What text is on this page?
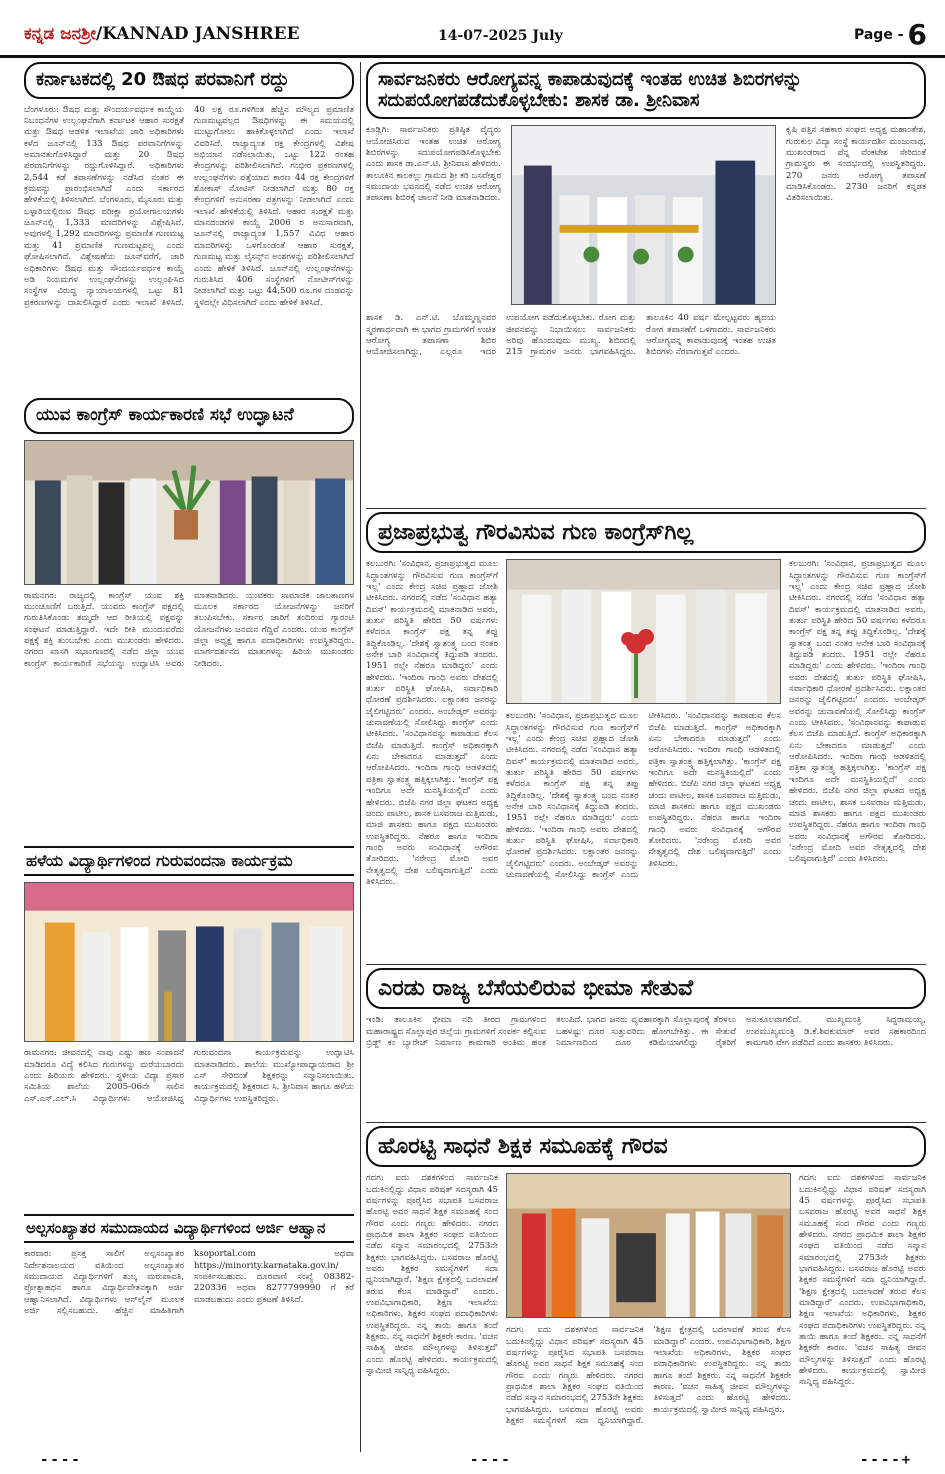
ಕನ್ನಡ ಜನಶ್ರೀ/KANNAD JANSHREE	14-07-2025 July	Page - 6
ಕರ್ನಾಟಕದಲ್ಲಿ 20 ಔಷಧ ಪರವಾನಿಗೆ ರದ್ದು
ಬೆಂಗಳೂರು: ಔಷಧ ಮತ್ತು ಸೌಂದರ್ಯವರ್ಧಕ ಕಾಯ್ದೆಯ ನಿಬಂಧನೆಗಳ ಉಲ್ಲಂಘನೆಗಾಗಿ ಕರ್ನಾಟಕ ಆಹಾರ ಸುರಕ್ಷತೆ ಮತ್ತು ಔಷಧ ಆಡಳಿತ ಇಲಾಖೆಯ ಜಾರಿ ಅಧಿಕಾರಿಗಳು ಕಳೆದ ಜೂನ್‌ನಲ್ಲಿ 133 ಔಷಧ ಪರವಾನಿಗೆಗಳನ್ನು ಅಮಾನತುಗೊಳಿಸಿದ್ದಾರೆ ಮತ್ತು 20 ಔಷಧ ಪರವಾನಿಗೆಗಳನ್ನು ರದ್ದುಗೊಳಿಸಿದ್ದಾರೆ. ಅಧಿಕಾರಿಗಳು 2,544 ಕಡೆ ತಪಾಸಣೆಗಳನ್ನು ನಡೆಸಿದ ನಂತರ ಈ ಕ್ರಮವನ್ನು ಪ್ರಾರಂಭಿಸಲಾಗಿದೆ ಎಂದು ಸರ್ಕಾರದ ಹೇಳಿಕೆಯಲ್ಲಿ ತಿಳಿಸಲಾಗಿದೆ. ಬೆಂಗಳೂರು, ಮೈಸೂರು ಮತ್ತು ಬಳ್ಳಾರಿಯಲ್ಲಿರುವ ಔಷಧ ಪರೀಕ್ಷಾ ಪ್ರಯೋಗಾಲಯಗಳು ಜೂನ್‌ನಲ್ಲಿ 1,333 ಮಾದರಿಗಳನ್ನು ವಿಶ್ಲೇಷಿಸಿವೆ. ಅವುಗಳಲ್ಲಿ 1,292 ಮಾದರಿಗಳನ್ನು ಪ್ರಮಾಣಿತ ಗುಣಮಟ್ಟ ಮತ್ತು 41 ಪ್ರಮಾಣಿತ ಗುಣಮಟ್ಟವಲ್ಲ ಎಂದು ಘೋಷಿಸಲಾಗಿದೆ. ವಿಶ್ಲೇಷಣೆಯ ಜೂನ್‌ವರೆಗೆ, ಜಾರಿ ಅಧಿಕಾರಿಗಳು ಔಷಧ ಮತ್ತು ಸೌಂದರ್ಯವರ್ಧಕ ಕಾಯ್ದೆ ಅಡಿ ನಿಯಮಗಳ ಉಲ್ಲಂಘನೆಗಳನ್ನು ಉಲ್ಲಂಘಿಸಿದ ಸಂಸ್ಥೆಗಳ ವಿರುದ್ಧ ನ್ಯಾಯಾಲಯಗಳಲ್ಲಿ ಒಟ್ಟು 81 ಪ್ರಕರಣಗಳನ್ನು ದಾಖಲಿಸಿದ್ದಾರೆ ಎಂದು ಇಲಾಖೆ ತಿಳಿಸಿದೆ. 40 ಲಕ್ಷ ರೂ.ಗಳಿಗಿಂತ ಹೆಚ್ಚಿನ ಮೌಲ್ಯದ ಪ್ರಮಾಣಿತ ಗುಣಮಟ್ಟವಲ್ಲದ ಔಷಧಿಗಳನ್ನು ಈ ಸಮಯದಲ್ಲಿ ಮುಟ್ಟುಗೋಲು ಹಾಕಿಕೊಳ್ಳಲಾಗಿದೆ ಎಂದು ಇಲಾಖೆ ವಿವರಿಸಿದೆ. ರಾಜ್ಯಾದ್ಯಂತ ರಕ್ತ ಕೇಂದ್ರಗಳಲ್ಲಿ ವಿಶೇಷ ಅಭಿಯಾನ ನಡೆಸಲಾಯಿತು, ಒಟ್ಟು 122 ರಂತಹ ಕೇಂದ್ರಗಳನ್ನು ಪರಿಶೀಲಿಸಲಾಗಿದೆ. ಗಂಭೀರ ಪ್ರಕರಣಗಳಲ್ಲಿ ಉಲ್ಲಂಘನೆಗಳು ಪತ್ತೆಯಾದ ಕಾರಣ 44 ರಕ್ತ ಕೇಂದ್ರಗಳಿಗೆ ಶೋಕಾಸ್ ನೋಟಿಸ್ ನೀಡಲಾಗಿದೆ ಮತ್ತು 80 ರಕ್ತ ಕೇಂದ್ರಗಳಿಗೆ ಅನುಸರಣಾ ಪತ್ರಗಳನ್ನು ನೀಡಲಾಗಿದೆ ಎಂದು ಇಲಾಖೆ ಹೇಳಿಕೆಯಲ್ಲಿ ತಿಳಿಸಿದೆ. ಆಹಾರ ಸುರಕ್ಷತೆ ಮತ್ತು ಮಾನದಂಡಗಳ ಕಾಯ್ದೆ 2006 ರ ಅನುಸಾರವಾಗಿ, ಜೂನ್‌ನಲ್ಲಿ ರಾಜ್ಯಾದ್ಯಂತ 1,557 ವಿವಿಧ ಆಹಾರ ಮಾದರಿಗಳನ್ನು ಒಳಗೊಂಡಂತೆ ಆಹಾರ ಸುರಕ್ಷತೆ, ಗುಣಮಟ್ಟ ಮತ್ತು ಲೈಸನ್ಸ್‌ನ ಅಂಶಗಳನ್ನು ಪರಿಶೀಲಿಸಲಾಗಿದೆ ಎಂದು ಹೇಳಿಕೆ ತಿಳಿಸಿದೆ. ಜೂನ್‌ನಲ್ಲಿ ಉಲ್ಲಂಘನೆಗಳನ್ನು ಗುರುತಿಸಿದ 406 ಸಂಸ್ಥೆಗಳಿಗೆ ನೋಟೀಸ್‌ಗಳನ್ನು ನೀಡಲಾಗಿದೆ ಮತ್ತು ಒಟ್ಟು 44,500 ರೂ.ಗಳ ದಂಡವನ್ನು ಸ್ಥಳದಲ್ಲೇ ವಿಧಿಸಲಾಗಿದೆ ಎಂದು ಹೇಳಿಕೆ ತಿಳಿಸಿದೆ.
ಯುವ ಕಾಂಗ್ರೆಸ್ ಕಾರ್ಯಕಾರಣಿ ಸಭೆ ಉದ್ಘಾಟನೆ
ರಾಮನಗರ: ರಾಜ್ಯದಲ್ಲಿ ಕಾಂಗ್ರೆಸ್ ಯುವ ಶಕ್ತಿ ಮುಂಚೂಣಿಗೆ ಬರುತ್ತಿದೆ. ಯುವರು ಕಾಂಗ್ರೆಸ್ ಪಕ್ಷದಲ್ಲಿ ಗುರುತಿಸಿಕೊಂಡು ತಮ್ಮದೇ ಆದ ರೀತಿಯಲ್ಲಿ ಪಕ್ಷವನ್ನು ಸಂಘಟನೆ ಮಾಡುತ್ತಿದ್ದಾರೆ. ಇದೇ ರೀತಿ ಮುಂದುವರೆದು ಪಕ್ಷಕ್ಕೆ ಶಕ್ತಿ ತುಂಬಬೇಕು ಎಂದು ಮುಖಂಡರು ಹೇಳಿದರು. ನಗರದ ಖಾಸಗಿ ಸಭಾಂಗಣದಲ್ಲಿ ನಡೆದ ಜಿಲ್ಲಾ ಯುವ ಕಾಂಗ್ರೆಸ್ ಕಾರ್ಯಕಾರಿಣಿ ಸಭೆಯನ್ನು ಉದ್ಘಾಟಿಸಿ ಅವರು ಮಾತನಾಡಿದರು. ಯುವಕರು ಸಾಮಾಜಿಕ ಜಾಲತಾಣಗಳ ಮೂಲಕ ಸರ್ಕಾರದ ಯೋಜನೆಗಳನ್ನು ಜನರಿಗೆ ತಲುಪಿಸಬೇಕು. ಸರ್ಕಾರ ಜಾರಿಗೆ ತಂದಿರುವ ಗ್ಯಾರಂಟಿ ಯೋಜನೆಗಳು ಜನಮನ ಗೆದ್ದಿವೆ ಎಂದರು. ಯುವ ಕಾಂಗ್ರೆಸ್ ಜಿಲ್ಲಾ ಅಧ್ಯಕ್ಷ ಹಾಗೂ ಪದಾಧಿಕಾರಿಗಳು ಉಪಸ್ಥಿತರಿದ್ದರು. ಮಾರ್ಗದರ್ಶನದ ಮಾತುಗಳನ್ನು ಹಿರಿಯ ಮುಖಂಡರು ನೀಡಿದರು.
ಹಳೆಯ ವಿದ್ಯಾರ್ಥಿಗಳಿಂದ ಗುರುವಂದನಾ ಕಾರ್ಯಕ್ರಮ
ರಾಮನಗರ: ಜೀವನದಲ್ಲಿ ನಾವು ಎಷ್ಟು ಹಣ ಸಂಪಾದನೆ ಮಾಡಿದರೂ ವಿದ್ಯೆ ಕಲಿಸಿದ ಗುರುಗಳನ್ನು ಮರೆಯಬಾರದು ಎಂದು ಹಿರಿಯರು ಹೇಳಿದರು. ಸ್ಥಳೀಯ ವಿದ್ಯಾ ಪ್ರಸಾರ ಸಮಿತಿಯ ಶಾಲೆಯ 2005-06ನೇ ಸಾಲಿನ ಎಸ್.ಎಸ್.ಎಲ್.ಸಿ ವಿದ್ಯಾರ್ಥಿಗಳು ಆಯೋಜಿಸಿದ್ದ ಗುರುವಂದನಾ ಕಾರ್ಯಕ್ರಮವನ್ನು ಉದ್ಘಾಟಿಸಿ ಮಾತನಾಡಿದರು. ಶಾಲೆಯ ಮುಖ್ಯೋಪಾಧ್ಯಾಯರಾದ ಶ್ರೀ ಎಸ್ ಸೇರಿದಂತೆ ಶಿಕ್ಷಕರನ್ನು ಸನ್ಮಾನಿಸಲಾಯಿತು. ಕಾರ್ಯಕ್ರಮದಲ್ಲಿ ಶಿಕ್ಷಕರಾದ ಸಿ. ಶ್ರೀನಿವಾಸ ಹಾಗೂ ಹಳೆಯ ವಿದ್ಯಾರ್ಥಿಗಳು ಉಪಸ್ಥಿತರಿದ್ದರು.
ಅಲ್ಪಸಂಖ್ಯಾತರ ಸಮುದಾಯದ ವಿದ್ಯಾರ್ಥಿಗಳಿಂದ ಅರ್ಜಿ ಆಹ್ವಾನ
ಕಾರವಾರ: ಪ್ರಸಕ್ತ ಸಾಲಿಗೆ ಅಲ್ಪಸಂಖ್ಯಾತರ ನಿರ್ದೇಶನಾಲಯದ ವತಿಯಿಂದ ಅಲ್ಪಸಂಖ್ಯಾತರ ಸಮುದಾಯದ ವಿದ್ಯಾರ್ಥಿಗಳಿಗೆ ಶುಲ್ಕ ಮರುಪಾವತಿ, ಪ್ರೋತ್ಸಾಹಧನ ಹಾಗೂ ವಿದ್ಯಾರ್ಥಿವೇತನಕ್ಕಾಗಿ ಅರ್ಜಿ ಆಹ್ವಾನಿಸಲಾಗಿದೆ. ವಿದ್ಯಾರ್ಥಿಗಳು ಆನ್‌ಲೈನ್ ಮೂಲಕ ಅರ್ಜಿ ಸಲ್ಲಿಸಬಹುದು. ಹೆಚ್ಚಿನ ಮಾಹಿತಿಗಾಗಿ ksoportal.com ಅಥವಾ https://minority.karnataka.gov.in/ ಸಂಪರ್ಕಿಸಬಹುದು. ದೂರವಾಣಿ ಸಂಖ್ಯೆ 08382-220336 ಅಥವಾ 8277799990 ಗೆ ಕರೆ ಮಾಡಬಹುದು ಎಂದು ಪ್ರಕಟಣೆ ತಿಳಿಸಿದೆ.
ಸಾರ್ವಜನಿಕರು ಆರೋಗ್ಯವನ್ನ ಕಾಪಾಡುವುದಕ್ಕೆ ಇಂತಹ ಉಚಿತ ಶಿಬಿರಗಳನ್ನು ಸದುಪಯೋಗಪಡೆದುಕೊಳ್ಳಬೇಕು: ಶಾಸಕ ಡಾ. ಶ್ರೀನಿವಾಸ
ಕೂಡ್ಲಿಗಿ: ಸಾರ್ವಜನಿಕರು ಪ್ರತಿಷ್ಠಿತ ವೈದ್ಯರು ಆಯೋಜಿಸಿರುವ ಇಂತಹ ಉಚಿತ ಆರೋಗ್ಯ ಶಿಬಿರಗಳನ್ನು ಸದುಪಯೋಗಪಡಿಸಿಕೊಳ್ಳಬೇಕು ಎಂದು ಶಾಸಕ ಡಾ.ಎನ್.ಟಿ. ಶ್ರೀನಿವಾಸ ಹೇಳಿದರು. ತಾಲೂಕಿನ ಕಾಲಕಲ್ಲು ಗ್ರಾಮದ ಶ್ರೀ ಕರಿ ಬಸವೇಶ್ವರ ಸಮುದಾಯ ಭವನದಲ್ಲಿ ನಡೆದ ಉಚಿತ ಆರೋಗ್ಯ ತಪಾಸಣಾ ಶಿಬಿರಕ್ಕೆ ಚಾಲನೆ ನೀಡಿ ಮಾತನಾಡಿದರು.
ಕೃಷಿ ಪತ್ತಿನ ಸಹಕಾರ ಸಂಘದ ಅಧ್ಯಕ್ಷ ಮಹಾಂತೇಶ, ಗುರುಕುಲ ವಿದ್ಯಾ ಸಂಸ್ಥೆ ಕಾರ್ಯದರ್ಶಿ ಮಂಜುನಾಥ, ಮುಖಂಡರಾದ ಪೆನ್ನ ವೆಂಕಟೇಶ ಸೇರಿದಂತೆ ಗ್ರಾಮಸ್ಥರು ಈ ಸಂದರ್ಭದಲ್ಲಿ ಉಪಸ್ಥಿತರಿದ್ದರು. 270 ಜನರು ಆರೋಗ್ಯ ತಪಾಸಣೆ ಮಾಡಿಸಿಕೊಂಡರು. 2730 ಜನರಿಗೆ ಕನ್ನಡಕ ವಿತರಿಸಲಾಯಿತು.
ಶಾಸಕ ಡಿ. ಎನ್.ಟಿ. ಬೊಮ್ಮಣ್ಣನವರ ಸ್ಮರಣಾರ್ಥವಾಗಿ ಈ ಭಾಗದ ಗ್ರಾಮಗಳಿಗೆ ಉಚಿತ ಆರೋಗ್ಯ ತಪಾಸಣಾ ಶಿಬಿರ ಆಯೋಜಿಸಲಾಗಿದ್ದು, ಎಲ್ಲರೂ ಇದರ ಉಪಯೋಗ ಪಡೆದುಕೊಳ್ಳಬೇಕು. ರೋಗ ಮತ್ತು ಜೀವನವನ್ನು ನಿಭಾಯಿಸಲು ಸಾರ್ವಜನಿಕರು ಅರಿವು ಹೊಂದುವುದು ಮುಖ್ಯ. ಶಿಬಿರದಲ್ಲಿ 215 ಗ್ರಾಮಗಳ ಜನರು ಭಾಗವಹಿಸಿದ್ದರು. ತಾಲೂಕಿನ 40 ವರ್ಷ ಮೇಲ್ಪಟ್ಟವರು ಹೃದಯ ರೋಗ ತಪಾಸಣೆಗೆ ಒಳಗಾದರು. ಸಾರ್ವಜನಿಕರು ಆರೋಗ್ಯವನ್ನ ಕಾಪಾಡುವುದಕ್ಕೆ ಇಂತಹ ಉಚಿತ ಶಿಬಿರಗಳು ನೆರವಾಗುತ್ತವೆ ಎಂದರು.
ಪ್ರಜಾಪ್ರಭುತ್ವ ಗೌರವಿಸುವ ಗುಣ ಕಾಂಗ್ರೆಸ್‌ಗಿಲ್ಲ
ಕಲಬುರಗಿ: 'ಸಂವಿಧಾನ, ಪ್ರಜಾಪ್ರಭುತ್ವದ ಮೂಲ ಸಿದ್ಧಾಂತಗಳನ್ನು ಗೌರವಿಸುವ ಗುಣ ಕಾಂಗ್ರೆಸ್‌ಗೆ ಇಲ್ಲ' ಎಂದು ಕೇಂದ್ರ ಸಚಿವ ಪ್ರಹ್ಲಾದ ಜೋಶಿ ಟೀಕಿಸಿದರು. ನಗರದಲ್ಲಿ ನಡೆದ 'ಸಂವಿಧಾನ ಹತ್ಯಾ ದಿವಸ್' ಕಾರ್ಯಕ್ರಮದಲ್ಲಿ ಮಾತನಾಡಿದ ಅವರು, ತುರ್ತು ಪರಿಸ್ಥಿತಿ ಹೇರಿದ 50 ವರ್ಷಗಳು ಕಳೆದರೂ ಕಾಂಗ್ರೆಸ್ ಪಕ್ಷ ತನ್ನ ತಪ್ಪು ತಿದ್ದಿಕೊಂಡಿಲ್ಲ. 'ದೇಶಕ್ಕೆ ಸ್ವಾತಂತ್ರ್ಯ ಬಂದ ನಂತರ ಅನೇಕ ಬಾರಿ ಸಂವಿಧಾನಕ್ಕೆ ತಿದ್ದುಪಡಿ ತಂದರು. 1951 ರಲ್ಲೇ ನೆಹರೂ ಮಾಡಿದ್ದರು' ಎಂದು ಹೇಳಿದರು. 'ಇಂದಿರಾ ಗಾಂಧಿ ಅವರು ದೇಶದಲ್ಲಿ ತುರ್ತು ಪರಿಸ್ಥಿತಿ ಘೋಷಿಸಿ, ಸರ್ವಾಧಿಕಾರಿ ಧೋರಣೆ ಪ್ರದರ್ಶಿಸಿದರು. ಲಕ್ಷಾಂತರ ಜನರನ್ನು ಜೈಲಿಗಟ್ಟಿದರು' ಎಂದರು. ಅಂಬೇಡ್ಕರ್ ಅವರನ್ನು ಚುನಾವಣೆಯಲ್ಲಿ ಸೋಲಿಸಿದ್ದು ಕಾಂಗ್ರೆಸ್ ಎಂದು ಟೀಕಿಸಿದರು. 'ಸಂವಿಧಾನವನ್ನು ಕಾಪಾಡುವ ಕೆಲಸ ಬಿಜೆಪಿ ಮಾಡುತ್ತಿದೆ. ಕಾಂಗ್ರೆಸ್ ಅಧಿಕಾರಕ್ಕಾಗಿ ಏನು ಬೇಕಾದರೂ ಮಾಡುತ್ತದೆ' ಎಂದು ಆರೋಪಿಸಿದರು. ಇಂದಿರಾ ಗಾಂಧಿ ಆಡಳಿತದಲ್ಲಿ ಪತ್ರಿಕಾ ಸ್ವಾತಂತ್ರ್ಯ ಹತ್ತಿಕ್ಕಲಾಗಿತ್ತು. 'ಕಾಂಗ್ರೆಸ್ ಪಕ್ಷ ಇಂದಿಗೂ ಅದೇ ಮನಸ್ಥಿತಿಯಲ್ಲಿದೆ' ಎಂದು ಹೇಳಿದರು. ಬಿಜೆಪಿ ನಗರ ಜಿಲ್ಲಾ ಘಟಕದ ಅಧ್ಯಕ್ಷ ಚಂದು ಪಾಟೀಲ, ಶಾಸಕ ಬಸವರಾಜ ಮತ್ತಿಮಡು, ಮಾಜಿ ಶಾಸಕರು ಹಾಗೂ ಪಕ್ಷದ ಮುಖಂಡರು ಉಪಸ್ಥಿತರಿದ್ದರು. ನೆಹರೂ ಹಾಗೂ ಇಂದಿರಾ ಗಾಂಧಿ ಅವರು ಸಂವಿಧಾನಕ್ಕೆ ಅಗೌರವ ತೋರಿದರು. 'ನರೇಂದ್ರ ಮೋದಿ ಅವರ ನೇತೃತ್ವದಲ್ಲಿ ದೇಶ ಬಲಿಷ್ಠವಾಗುತ್ತಿದೆ' ಎಂದು ತಿಳಿಸಿದರು.
ಕಲಬುರಗಿ: 'ಸಂವಿಧಾನ, ಪ್ರಜಾಪ್ರಭುತ್ವದ ಮೂಲ ಸಿದ್ಧಾಂತಗಳನ್ನು ಗೌರವಿಸುವ ಗುಣ ಕಾಂಗ್ರೆಸ್‌ಗೆ ಇಲ್ಲ' ಎಂದು ಕೇಂದ್ರ ಸಚಿವ ಪ್ರಹ್ಲಾದ ಜೋಶಿ ಟೀಕಿಸಿದರು. ನಗರದಲ್ಲಿ ನಡೆದ 'ಸಂವಿಧಾನ ಹತ್ಯಾ ದಿವಸ್' ಕಾರ್ಯಕ್ರಮದಲ್ಲಿ ಮಾತನಾಡಿದ ಅವರು, ತುರ್ತು ಪರಿಸ್ಥಿತಿ ಹೇರಿದ 50 ವರ್ಷಗಳು ಕಳೆದರೂ ಕಾಂಗ್ರೆಸ್ ಪಕ್ಷ ತನ್ನ ತಪ್ಪು ತಿದ್ದಿಕೊಂಡಿಲ್ಲ. 'ದೇಶಕ್ಕೆ ಸ್ವಾತಂತ್ರ್ಯ ಬಂದ ನಂತರ ಅನೇಕ ಬಾರಿ ಸಂವಿಧಾನಕ್ಕೆ ತಿದ್ದುಪಡಿ ತಂದರು. 1951 ರಲ್ಲೇ ನೆಹರೂ ಮಾಡಿದ್ದರು' ಎಂದು ಹೇಳಿದರು. 'ಇಂದಿರಾ ಗಾಂಧಿ ಅವರು ದೇಶದಲ್ಲಿ ತುರ್ತು ಪರಿಸ್ಥಿತಿ ಘೋಷಿಸಿ, ಸರ್ವಾಧಿಕಾರಿ ಧೋರಣೆ ಪ್ರದರ್ಶಿಸಿದರು. ಲಕ್ಷಾಂತರ ಜನರನ್ನು ಜೈಲಿಗಟ್ಟಿದರು' ಎಂದರು. ಅಂಬೇಡ್ಕರ್ ಅವರನ್ನು ಚುನಾವಣೆಯಲ್ಲಿ ಸೋಲಿಸಿದ್ದು ಕಾಂಗ್ರೆಸ್ ಎಂದು ಟೀಕಿಸಿದರು. 'ಸಂವಿಧಾನವನ್ನು ಕಾಪಾಡುವ ಕೆಲಸ ಬಿಜೆಪಿ ಮಾಡುತ್ತಿದೆ. ಕಾಂಗ್ರೆಸ್ ಅಧಿಕಾರಕ್ಕಾಗಿ ಏನು ಬೇಕಾದರೂ ಮಾಡುತ್ತದೆ' ಎಂದು ಆರೋಪಿಸಿದರು. ಇಂದಿರಾ ಗಾಂಧಿ ಆಡಳಿತದಲ್ಲಿ ಪತ್ರಿಕಾ ಸ್ವಾತಂತ್ರ್ಯ ಹತ್ತಿಕ್ಕಲಾಗಿತ್ತು. 'ಕಾಂಗ್ರೆಸ್ ಪಕ್ಷ ಇಂದಿಗೂ ಅದೇ ಮನಸ್ಥಿತಿಯಲ್ಲಿದೆ' ಎಂದು ಹೇಳಿದರು. ಬಿಜೆಪಿ ನಗರ ಜಿಲ್ಲಾ ಘಟಕದ ಅಧ್ಯಕ್ಷ ಚಂದು ಪಾಟೀಲ, ಶಾಸಕ ಬಸವರಾಜ ಮತ್ತಿಮಡು, ಮಾಜಿ ಶಾಸಕರು ಹಾಗೂ ಪಕ್ಷದ ಮುಖಂಡರು ಉಪಸ್ಥಿತರಿದ್ದರು. ನೆಹರೂ ಹಾಗೂ ಇಂದಿರಾ ಗಾಂಧಿ ಅವರು ಸಂವಿಧಾನಕ್ಕೆ ಅಗೌರವ ತೋರಿದರು. 'ನರೇಂದ್ರ ಮೋದಿ ಅವರ ನೇತೃತ್ವದಲ್ಲಿ ದೇಶ ಬಲಿಷ್ಠವಾಗುತ್ತಿದೆ' ಎಂದು ತಿಳಿಸಿದರು.
ಕಲಬುರಗಿ: 'ಸಂವಿಧಾನ, ಪ್ರಜಾಪ್ರಭುತ್ವದ ಮೂಲ ಸಿದ್ಧಾಂತಗಳನ್ನು ಗೌರವಿಸುವ ಗುಣ ಕಾಂಗ್ರೆಸ್‌ಗೆ ಇಲ್ಲ' ಎಂದು ಕೇಂದ್ರ ಸಚಿವ ಪ್ರಹ್ಲಾದ ಜೋಶಿ ಟೀಕಿಸಿದರು. ನಗರದಲ್ಲಿ ನಡೆದ 'ಸಂವಿಧಾನ ಹತ್ಯಾ ದಿವಸ್' ಕಾರ್ಯಕ್ರಮದಲ್ಲಿ ಮಾತನಾಡಿದ ಅವರು, ತುರ್ತು ಪರಿಸ್ಥಿತಿ ಹೇರಿದ 50 ವರ್ಷಗಳು ಕಳೆದರೂ ಕಾಂಗ್ರೆಸ್ ಪಕ್ಷ ತನ್ನ ತಪ್ಪು ತಿದ್ದಿಕೊಂಡಿಲ್ಲ. 'ದೇಶಕ್ಕೆ ಸ್ವಾತಂತ್ರ್ಯ ಬಂದ ನಂತರ ಅನೇಕ ಬಾರಿ ಸಂವಿಧಾನಕ್ಕೆ ತಿದ್ದುಪಡಿ ತಂದರು. 1951 ರಲ್ಲೇ ನೆಹರೂ ಮಾಡಿದ್ದರು' ಎಂದು ಹೇಳಿದರು. 'ಇಂದಿರಾ ಗಾಂಧಿ ಅವರು ದೇಶದಲ್ಲಿ ತುರ್ತು ಪರಿಸ್ಥಿತಿ ಘೋಷಿಸಿ, ಸರ್ವಾಧಿಕಾರಿ ಧೋರಣೆ ಪ್ರದರ್ಶಿಸಿದರು. ಲಕ್ಷಾಂತರ ಜನರನ್ನು ಜೈಲಿಗಟ್ಟಿದರು' ಎಂದರು. ಅಂಬೇಡ್ಕರ್ ಅವರನ್ನು ಚುನಾವಣೆಯಲ್ಲಿ ಸೋಲಿಸಿದ್ದು ಕಾಂಗ್ರೆಸ್ ಎಂದು ಟೀಕಿಸಿದರು. 'ಸಂವಿಧಾನವನ್ನು ಕಾಪಾಡುವ ಕೆಲಸ ಬಿಜೆಪಿ ಮಾಡುತ್ತಿದೆ. ಕಾಂಗ್ರೆಸ್ ಅಧಿಕಾರಕ್ಕಾಗಿ ಏನು ಬೇಕಾದರೂ ಮಾಡುತ್ತದೆ' ಎಂದು ಆರೋಪಿಸಿದರು. ಇಂದಿರಾ ಗಾಂಧಿ ಆಡಳಿತದಲ್ಲಿ ಪತ್ರಿಕಾ ಸ್ವಾತಂತ್ರ್ಯ ಹತ್ತಿಕ್ಕಲಾಗಿತ್ತು. 'ಕಾಂಗ್ರೆಸ್ ಪಕ್ಷ ಇಂದಿಗೂ ಅದೇ ಮನಸ್ಥಿತಿಯಲ್ಲಿದೆ' ಎಂದು ಹೇಳಿದರು. ಬಿಜೆಪಿ ನಗರ ಜಿಲ್ಲಾ ಘಟಕದ ಅಧ್ಯಕ್ಷ ಚಂದು ಪಾಟೀಲ, ಶಾಸಕ ಬಸವರಾಜ ಮತ್ತಿಮಡು, ಮಾಜಿ ಶಾಸಕರು ಹಾಗೂ ಪಕ್ಷದ ಮುಖಂಡರು ಉಪಸ್ಥಿತರಿದ್ದರು. ನೆಹರೂ ಹಾಗೂ ಇಂದಿರಾ ಗಾಂಧಿ ಅವರು ಸಂವಿಧಾನಕ್ಕೆ ಅಗೌರವ ತೋರಿದರು. 'ನರೇಂದ್ರ ಮೋದಿ ಅವರ ನೇತೃತ್ವದಲ್ಲಿ ದೇಶ ಬಲಿಷ್ಠವಾಗುತ್ತಿದೆ' ಎಂದು ತಿಳಿಸಿದರು.
ಎರಡು ರಾಜ್ಯ ಬೆಸೆಯಲಿರುವ ಭೀಮಾ ಸೇತುವೆ
ಇಂಡಿ: ತಾಲೂಕಿನ ಭೀಮಾ ನದಿ ತೀರದ ಗ್ರಾಮಗಳಿಂದ ಮಹಾರಾಷ್ಟ್ರದ ಸೊಲ್ಲಾಪುರ ಜಿಲ್ಲೆಯ ಗ್ರಾಮಗಳಿಗೆ ಸಂಪರ್ಕ ಕಲ್ಪಿಸುವ ಬ್ರಿಡ್ಜ್ ಕಂ ಬ್ಯಾರೇಜ್ ನಿರ್ಮಾಣ ಕಾಮಗಾರಿ ಅಂತಿಮ ಹಂತ ತಲುಪಿದೆ. ಭಾಗದ ಜನರು ವ್ಯವಹಾರಕ್ಕಾಗಿ ಸೊಲ್ಲಾಪುರಕ್ಕೆ ತೆರಳಲು ಬಹಳಷ್ಟು ದೂರ ಸುತ್ತುವರಿದು ಹೋಗಬೇಕಿತ್ತು. ಈ ಸೇತುವೆ ನಿರ್ಮಾಣದಿಂದ ದೂರ ಕಡಿಮೆಯಾಗಲಿದ್ದು ರೈತರಿಗೆ ಅನುಕೂಲವಾಗಲಿದೆ. ಮುಖ್ಯಮಂತ್ರಿ ಸಿದ್ದರಾಮಯ್ಯ, ಉಪಮುಖ್ಯಮಂತ್ರಿ ಡಿ.ಕೆ.ಶಿವಕುಮಾರ್ ಅವರ ಸಹಕಾರದಿಂದ ಕಾಮಗಾರಿ ವೇಗ ಪಡೆದಿದೆ ಎಂದು ಶಾಸಕರು ತಿಳಿಸಿದರು.
ಹೊರಟ್ಟಿ ಸಾಧನೆ ಶಿಕ್ಷಕ ಸಮೂಹಕ್ಕೆ ಗೌರವ
ಗದಗ: ಐದು ದಶಕಗಳಿಂದ ಸಾರ್ವಜನಿಕ ಬದುಕಿನಲ್ಲಿದ್ದು ವಿಧಾನ ಪರಿಷತ್ ಸದಸ್ಯರಾಗಿ 45 ವರ್ಷಗಳನ್ನು ಪೂರೈಸಿದ ಸಭಾಪತಿ ಬಸವರಾಜ ಹೊರಟ್ಟಿ ಅವರ ಸಾಧನೆ ಶಿಕ್ಷಕ ಸಮೂಹಕ್ಕೆ ಸಂದ ಗೌರವ ಎಂದು ಗಣ್ಯರು ಹೇಳಿದರು. ನಗರದ ಪ್ರಾಥಮಿಕ ಶಾಲಾ ಶಿಕ್ಷಕರ ಸಂಘದ ವತಿಯಿಂದ ನಡೆದ ಸನ್ಮಾನ ಸಮಾರಂಭದಲ್ಲಿ 2753ನೇ ಶಿಕ್ಷಕರು ಭಾಗವಹಿಸಿದ್ದರು. ಬಸವರಾಜ ಹೊರಟ್ಟಿ ಅವರು ಶಿಕ್ಷಕರ ಸಮಸ್ಯೆಗಳಿಗೆ ಸದಾ ಧ್ವನಿಯಾಗಿದ್ದಾರೆ. 'ಶಿಕ್ಷಣ ಕ್ಷೇತ್ರದಲ್ಲಿ ಬದಲಾವಣೆ ತರುವ ಕೆಲಸ ಮಾಡಿದ್ದಾರೆ' ಎಂದರು. ಉಪವಿಭಾಗಾಧಿಕಾರಿ, ಶಿಕ್ಷಣ ಇಲಾಖೆಯ ಅಧಿಕಾರಿಗಳು, ಶಿಕ್ಷಕರ ಸಂಘದ ಪದಾಧಿಕಾರಿಗಳು ಉಪಸ್ಥಿತರಿದ್ದರು. ನನ್ನ ತಾಯಿ ಹಾಗೂ ತಂದೆ ಶಿಕ್ಷಕರು. ನನ್ನ ಸಾಧನೆಗೆ ಶಿಕ್ಷಕರೇ ಕಾರಣ. 'ವಚನ ಸಾಹಿತ್ಯ ಜೀವನ ಮೌಲ್ಯಗಳನ್ನು ತಿಳಿಸುತ್ತದೆ' ಎಂದು ಹೊರಟ್ಟಿ ಹೇಳಿದರು. ಕಾರ್ಯಕ್ರಮದಲ್ಲಿ ಸ್ವಾಮೀಜಿ ಸಾನ್ನಿಧ್ಯ ವಹಿಸಿದ್ದರು.
ಗದಗ: ಐದು ದಶಕಗಳಿಂದ ಸಾರ್ವಜನಿಕ ಬದುಕಿನಲ್ಲಿದ್ದು ವಿಧಾನ ಪರಿಷತ್ ಸದಸ್ಯರಾಗಿ 45 ವರ್ಷಗಳನ್ನು ಪೂರೈಸಿದ ಸಭಾಪತಿ ಬಸವರಾಜ ಹೊರಟ್ಟಿ ಅವರ ಸಾಧನೆ ಶಿಕ್ಷಕ ಸಮೂಹಕ್ಕೆ ಸಂದ ಗೌರವ ಎಂದು ಗಣ್ಯರು ಹೇಳಿದರು. ನಗರದ ಪ್ರಾಥಮಿಕ ಶಾಲಾ ಶಿಕ್ಷಕರ ಸಂಘದ ವತಿಯಿಂದ ನಡೆದ ಸನ್ಮಾನ ಸಮಾರಂಭದಲ್ಲಿ 2753ನೇ ಶಿಕ್ಷಕರು ಭಾಗವಹಿಸಿದ್ದರು. ಬಸವರಾಜ ಹೊರಟ್ಟಿ ಅವರು ಶಿಕ್ಷಕರ ಸಮಸ್ಯೆಗಳಿಗೆ ಸದಾ ಧ್ವನಿಯಾಗಿದ್ದಾರೆ. 'ಶಿಕ್ಷಣ ಕ್ಷೇತ್ರದಲ್ಲಿ ಬದಲಾವಣೆ ತರುವ ಕೆಲಸ ಮಾಡಿದ್ದಾರೆ' ಎಂದರು. ಉಪವಿಭಾಗಾಧಿಕಾರಿ, ಶಿಕ್ಷಣ ಇಲಾಖೆಯ ಅಧಿಕಾರಿಗಳು, ಶಿಕ್ಷಕರ ಸಂಘದ ಪದಾಧಿಕಾರಿಗಳು ಉಪಸ್ಥಿತರಿದ್ದರು. ನನ್ನ ತಾಯಿ ಹಾಗೂ ತಂದೆ ಶಿಕ್ಷಕರು. ನನ್ನ ಸಾಧನೆಗೆ ಶಿಕ್ಷಕರೇ ಕಾರಣ. 'ವಚನ ಸಾಹಿತ್ಯ ಜೀವನ ಮೌಲ್ಯಗಳನ್ನು ತಿಳಿಸುತ್ತದೆ' ಎಂದು ಹೊರಟ್ಟಿ ಹೇಳಿದರು. ಕಾರ್ಯಕ್ರಮದಲ್ಲಿ ಸ್ವಾಮೀಜಿ ಸಾನ್ನಿಧ್ಯ ವಹಿಸಿದ್ದರು.
ಗದಗ: ಐದು ದಶಕಗಳಿಂದ ಸಾರ್ವಜನಿಕ ಬದುಕಿನಲ್ಲಿದ್ದು ವಿಧಾನ ಪರಿಷತ್ ಸದಸ್ಯರಾಗಿ 45 ವರ್ಷಗಳನ್ನು ಪೂರೈಸಿದ ಸಭಾಪತಿ ಬಸವರಾಜ ಹೊರಟ್ಟಿ ಅವರ ಸಾಧನೆ ಶಿಕ್ಷಕ ಸಮೂಹಕ್ಕೆ ಸಂದ ಗೌರವ ಎಂದು ಗಣ್ಯರು ಹೇಳಿದರು. ನಗರದ ಪ್ರಾಥಮಿಕ ಶಾಲಾ ಶಿಕ್ಷಕರ ಸಂಘದ ವತಿಯಿಂದ ನಡೆದ ಸನ್ಮಾನ ಸಮಾರಂಭದಲ್ಲಿ 2753ನೇ ಶಿಕ್ಷಕರು ಭಾಗವಹಿಸಿದ್ದರು. ಬಸವರಾಜ ಹೊರಟ್ಟಿ ಅವರು ಶಿಕ್ಷಕರ ಸಮಸ್ಯೆಗಳಿಗೆ ಸದಾ ಧ್ವನಿಯಾಗಿದ್ದಾರೆ. 'ಶಿಕ್ಷಣ ಕ್ಷೇತ್ರದಲ್ಲಿ ಬದಲಾವಣೆ ತರುವ ಕೆಲಸ ಮಾಡಿದ್ದಾರೆ' ಎಂದರು. ಉಪವಿಭಾಗಾಧಿಕಾರಿ, ಶಿಕ್ಷಣ ಇಲಾಖೆಯ ಅಧಿಕಾರಿಗಳು, ಶಿಕ್ಷಕರ ಸಂಘದ ಪದಾಧಿಕಾರಿಗಳು ಉಪಸ್ಥಿತರಿದ್ದರು. ನನ್ನ ತಾಯಿ ಹಾಗೂ ತಂದೆ ಶಿಕ್ಷಕರು. ನನ್ನ ಸಾಧನೆಗೆ ಶಿಕ್ಷಕರೇ ಕಾರಣ. 'ವಚನ ಸಾಹಿತ್ಯ ಜೀವನ ಮೌಲ್ಯಗಳನ್ನು ತಿಳಿಸುತ್ತದೆ' ಎಂದು ಹೊರಟ್ಟಿ ಹೇಳಿದರು. ಕಾರ್ಯಕ್ರಮದಲ್ಲಿ ಸ್ವಾಮೀಜಿ ಸಾನ್ನಿಧ್ಯ ವಹಿಸಿದ್ದರು.
----	----	----+
